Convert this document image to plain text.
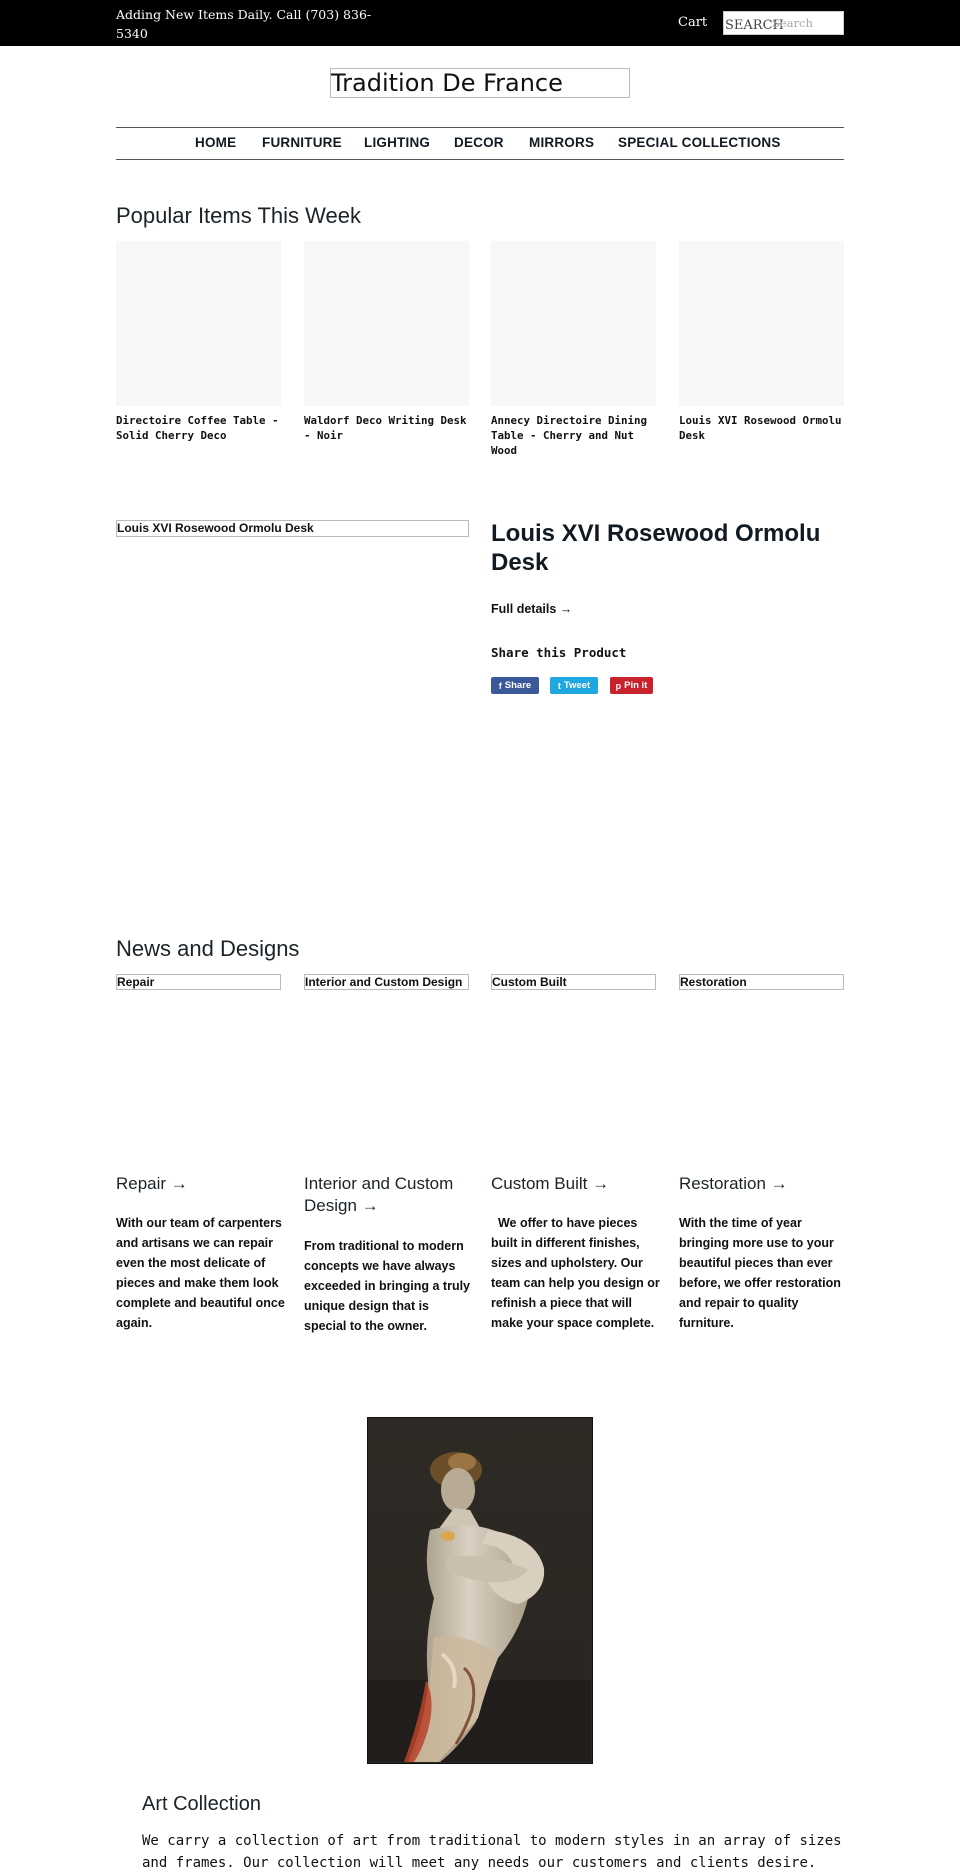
Adding New Items Daily. Call (703) 836-5340
Cart SEARCH
Search
Tradition De France
HOME FURNITURE LIGHTING DECOR MIRRORS SPECIAL COLLECTIONS
Popular Items This Week
Directoire Coffee Table - Solid Cherry Deco
Waldorf Deco Writing Desk - Noir
Annecy Directoire Dining Table - Cherry and Nut Wood
Louis XVI Rosewood Ormolu Desk
Louis XVI Rosewood Ormolu Desk	Louis XVI Rosewood Ormolu Desk
Full details →
Share this Product
f Share	t Tweet	p Pin it
News and Designs
Repair	Interior and Custom Design Custom Built	Restoration
Repair →
With our team of carpenters and artisans we can repair even the most delicate of pieces and make them look complete and beautiful once again.
Interior and Custom Design →
From traditional to modern concepts we have always exceeded in bringing a truly unique design that is special to the owner.
Custom Built →
We offer to have pieces built in different finishes, sizes and upholstery. Our team can help you design or refinish a piece that will make your space complete.
Restoration →
With the time of year bringing more use to your beautiful pieces than ever before, we offer restoration and repair to quality furniture.
Art Collection
We carry a collection of art from traditional to modern styles in an array of sizes and frames. Our collection will meet any needs our customers and clients desire.
